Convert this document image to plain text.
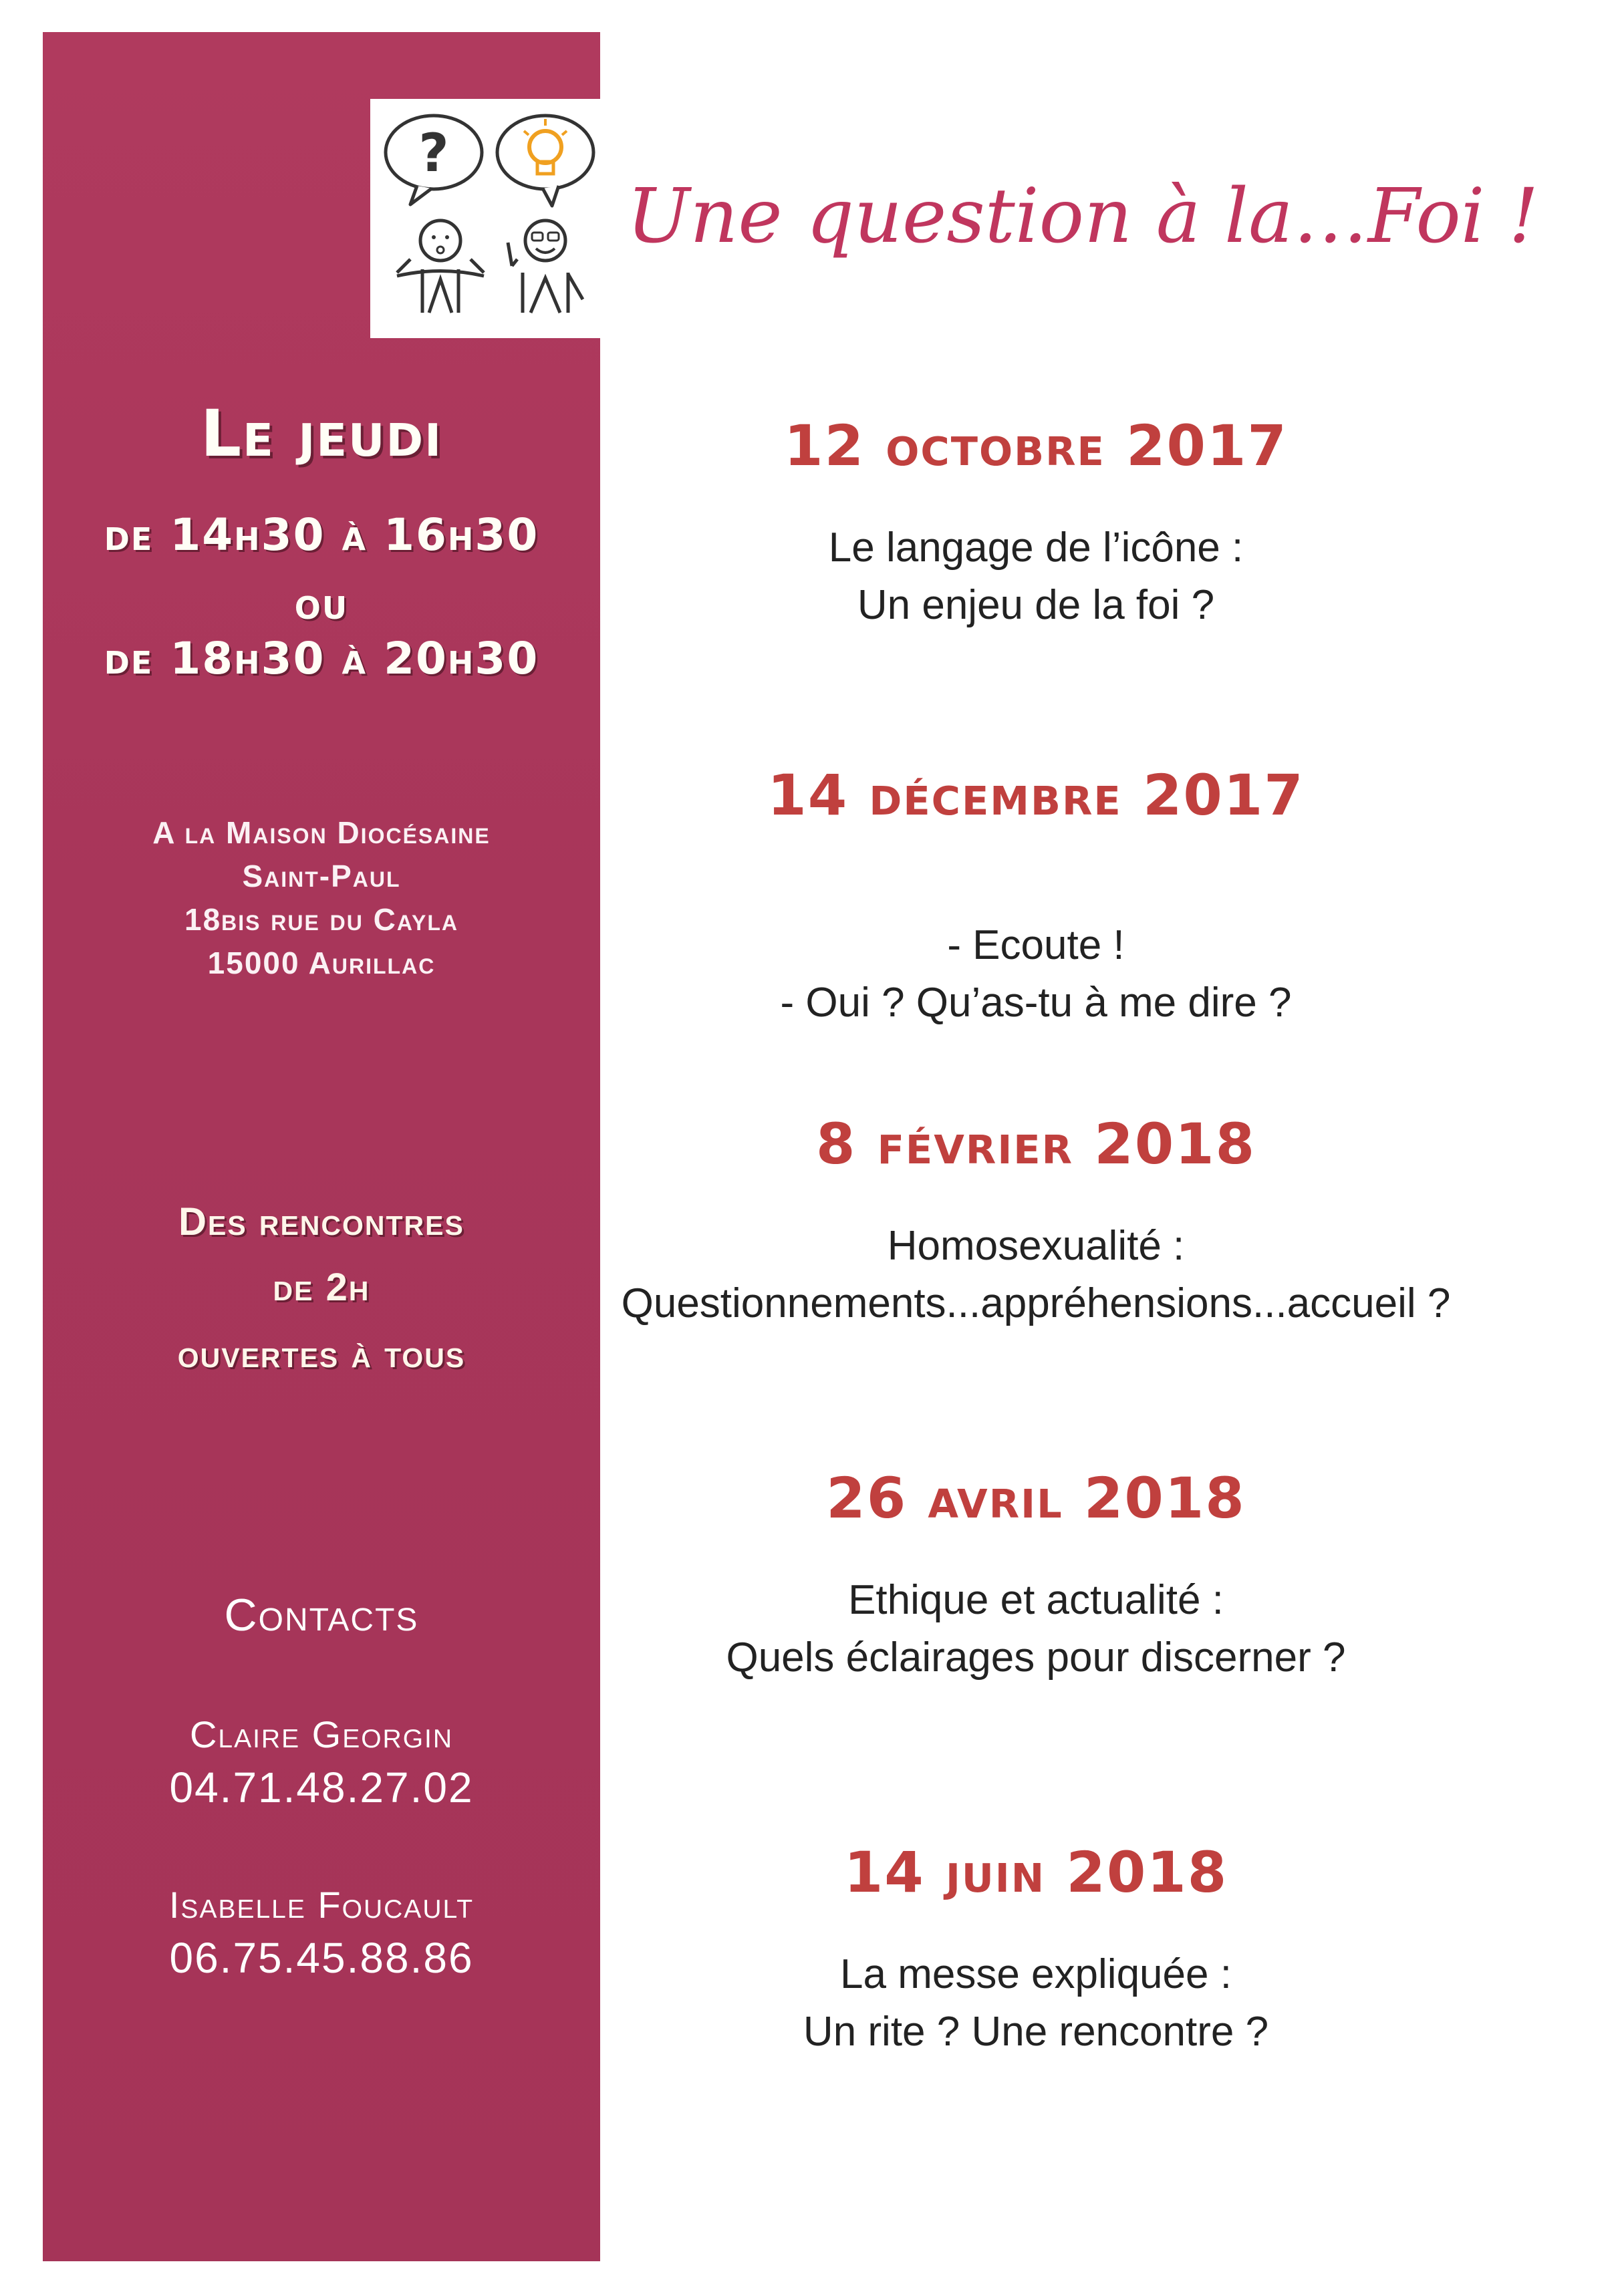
?
Le jeudi
de 14h30 à 16h30
ou
de 18h30 à 20h30
A la Maison Diocésaine
Saint-Paul
18bis rue du Cayla
15000 Aurillac
Des rencontres
de 2h
ouvertes à tous
Contacts
Claire Georgin
04.71.48.27.02
Isabelle Foucault
06.75.45.88.86
Une question à la…Foi !
12 octobre 2017
Le langage de l’icône :
Un enjeu de la foi ?
14 décembre 2017
- Ecoute !
- Oui ? Qu’as-tu à me dire ?
8 février 2018
Homosexualité :
Questionnements...appréhensions...accueil ?
26 avril 2018
Ethique et actualité :
Quels éclairages pour discerner ?
14 juin 2018
La messe expliquée :
Un rite ? Une rencontre ?
